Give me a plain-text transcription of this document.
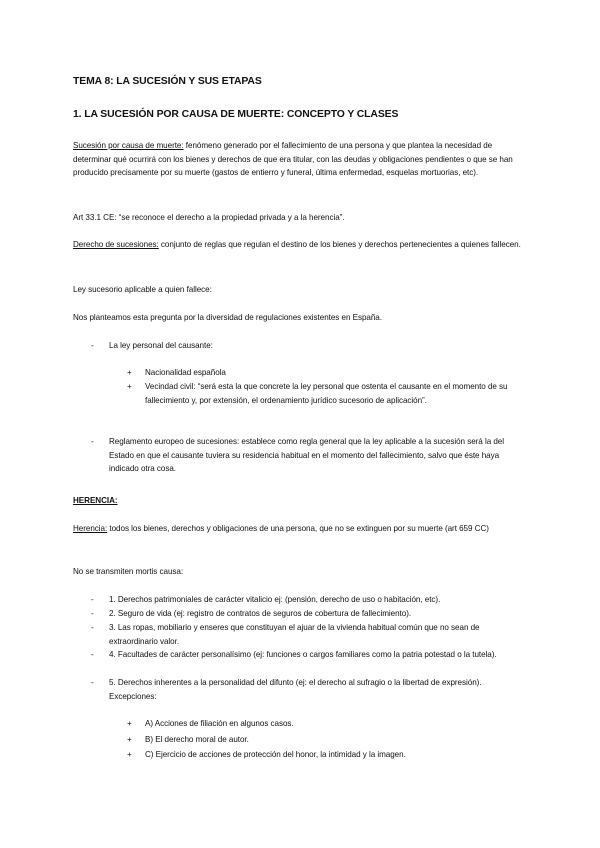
TEMA 8: LA SUCESIÓN Y SUS ETAPAS
1. LA SUCESIÓN POR CAUSA DE MUERTE: CONCEPTO Y CLASES

Sucesión por causa de muerte: fenómeno generado por el fallecimiento de una persona y que plantea la necesidad de determinar qué ocurrirá con los bienes y derechos de que era titular, con las deudas y obligaciones pendientes o que se han producido precisamente por su muerte (gastos de entierro y funeral, última enfermedad, esquelas mortuorias, etc).

Art 33.1 CE: “se reconoce el derecho a la propiedad privada y a la herencia”.

Derecho de sucesiones: conjunto de reglas que regulan el destino de los bienes y derechos pertenecientes a quienes fallecen.

Ley sucesorio aplicable a quien fallece:

Nos planteamos esta pregunta por la diversidad de regulaciones existentes en España.

- La ley personal del causante:

+ Nacionalidad española

+ Vecindad civil: “será esta la que concrete la ley personal que ostenta el causante en el momento de su fallecimiento y, por extensión, el ordenamiento jurídico sucesorio de aplicación”.

- Reglamento europeo de sucesiones: establece como regla general que la ley aplicable a la sucesión será la del Estado en que el causante tuviera su residencia habitual en el momento del fallecimiento, salvo que éste haya indicado otra cosa.

HERENCIA:

Herencia: todos los bienes, derechos y obligaciones de una persona, que no se extinguen por su muerte (art 659 CC)

No se transmiten mortis causa:

- 1. Derechos patrimoniales de carácter vitalicio ej: (pensión, derecho de uso o habitación, etc).

- 2. Seguro de vida (ej: registro de contratos de seguros de cobertura de fallecimiento).

- 3. Las ropas, mobiliario y enseres que constituyan el ajuar de la vivienda habitual común que no sean de extraordinario valor.

- 4. Facultades de carácter personalísimo (ej: funciones o cargos familiares como la patria potestad o la tutela).

- 5. Derechos inherentes a la personalidad del difunto (ej: el derecho al sufragio o la libertad de expresión). Excepciones:

+ A) Acciones de filiación en algunos casos.

+ B) El derecho moral de autor.

+ C) Ejercicio de acciones de protección del honor, la intimidad y la imagen.
